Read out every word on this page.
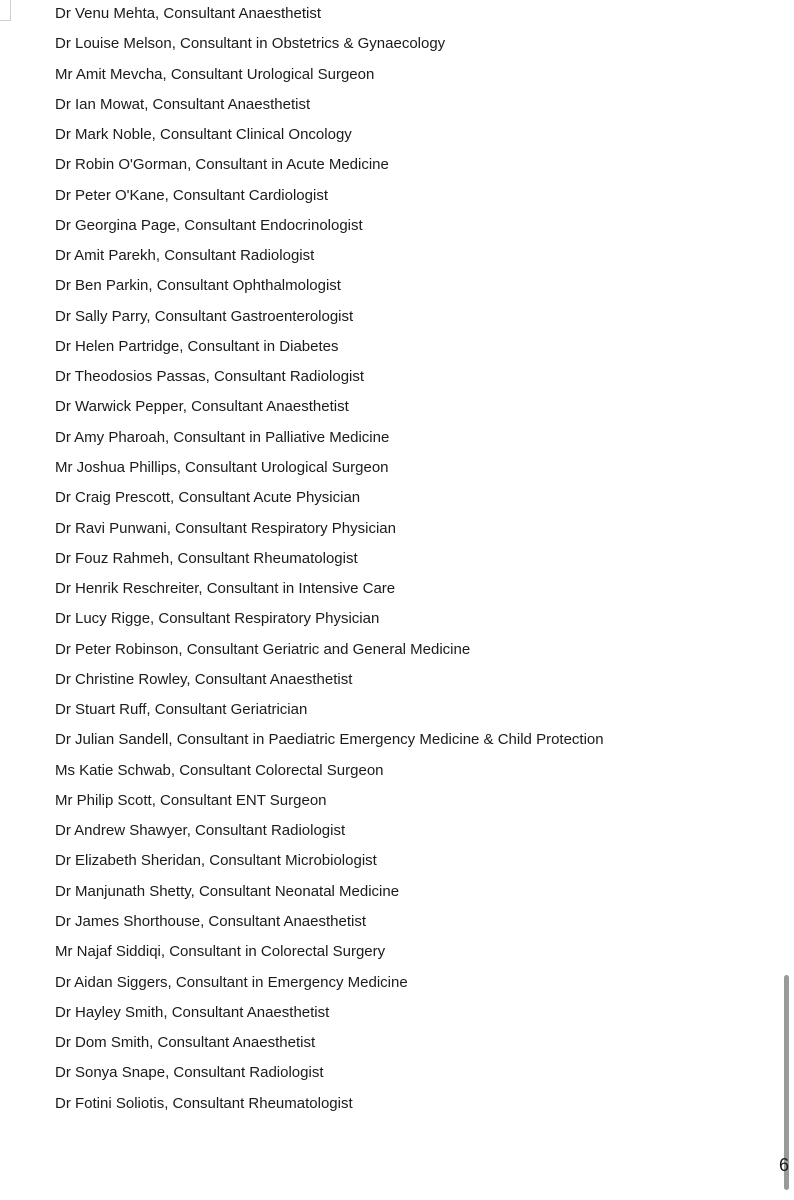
Dr Venu Mehta, Consultant Anaesthetist
Dr Louise Melson, Consultant in Obstetrics & Gynaecology
Mr Amit Mevcha, Consultant Urological Surgeon
Dr Ian Mowat, Consultant Anaesthetist
Dr Mark Noble, Consultant Clinical Oncology
Dr Robin O'Gorman, Consultant in Acute Medicine
Dr Peter O'Kane, Consultant Cardiologist
Dr Georgina Page, Consultant Endocrinologist
Dr Amit Parekh, Consultant Radiologist
Dr Ben Parkin, Consultant Ophthalmologist
Dr Sally Parry, Consultant Gastroenterologist
Dr Helen Partridge, Consultant in Diabetes
Dr Theodosios Passas, Consultant Radiologist
Dr Warwick Pepper, Consultant Anaesthetist
Dr Amy Pharoah, Consultant in Palliative Medicine
Mr Joshua Phillips, Consultant Urological Surgeon
Dr Craig Prescott, Consultant Acute Physician
Dr Ravi Punwani, Consultant Respiratory Physician
Dr Fouz Rahmeh, Consultant Rheumatologist
Dr Henrik Reschreiter, Consultant in Intensive Care
Dr Lucy Rigge, Consultant Respiratory Physician
Dr Peter Robinson, Consultant Geriatric and General Medicine
Dr Christine Rowley, Consultant Anaesthetist
Dr Stuart Ruff, Consultant Geriatrician
Dr Julian Sandell, Consultant in Paediatric Emergency Medicine & Child Protection
Ms Katie Schwab, Consultant Colorectal Surgeon
Mr Philip Scott, Consultant ENT Surgeon
Dr Andrew Shawyer, Consultant Radiologist
Dr Elizabeth Sheridan, Consultant Microbiologist
Dr Manjunath Shetty, Consultant Neonatal Medicine
Dr James Shorthouse, Consultant Anaesthetist
Mr Najaf Siddiqi, Consultant in Colorectal Surgery
Dr Aidan Siggers, Consultant in Emergency Medicine
Dr Hayley Smith, Consultant Anaesthetist
Dr Dom Smith, Consultant Anaesthetist
Dr Sonya Snape, Consultant Radiologist
Dr Fotini Soliotis, Consultant Rheumatologist
6
